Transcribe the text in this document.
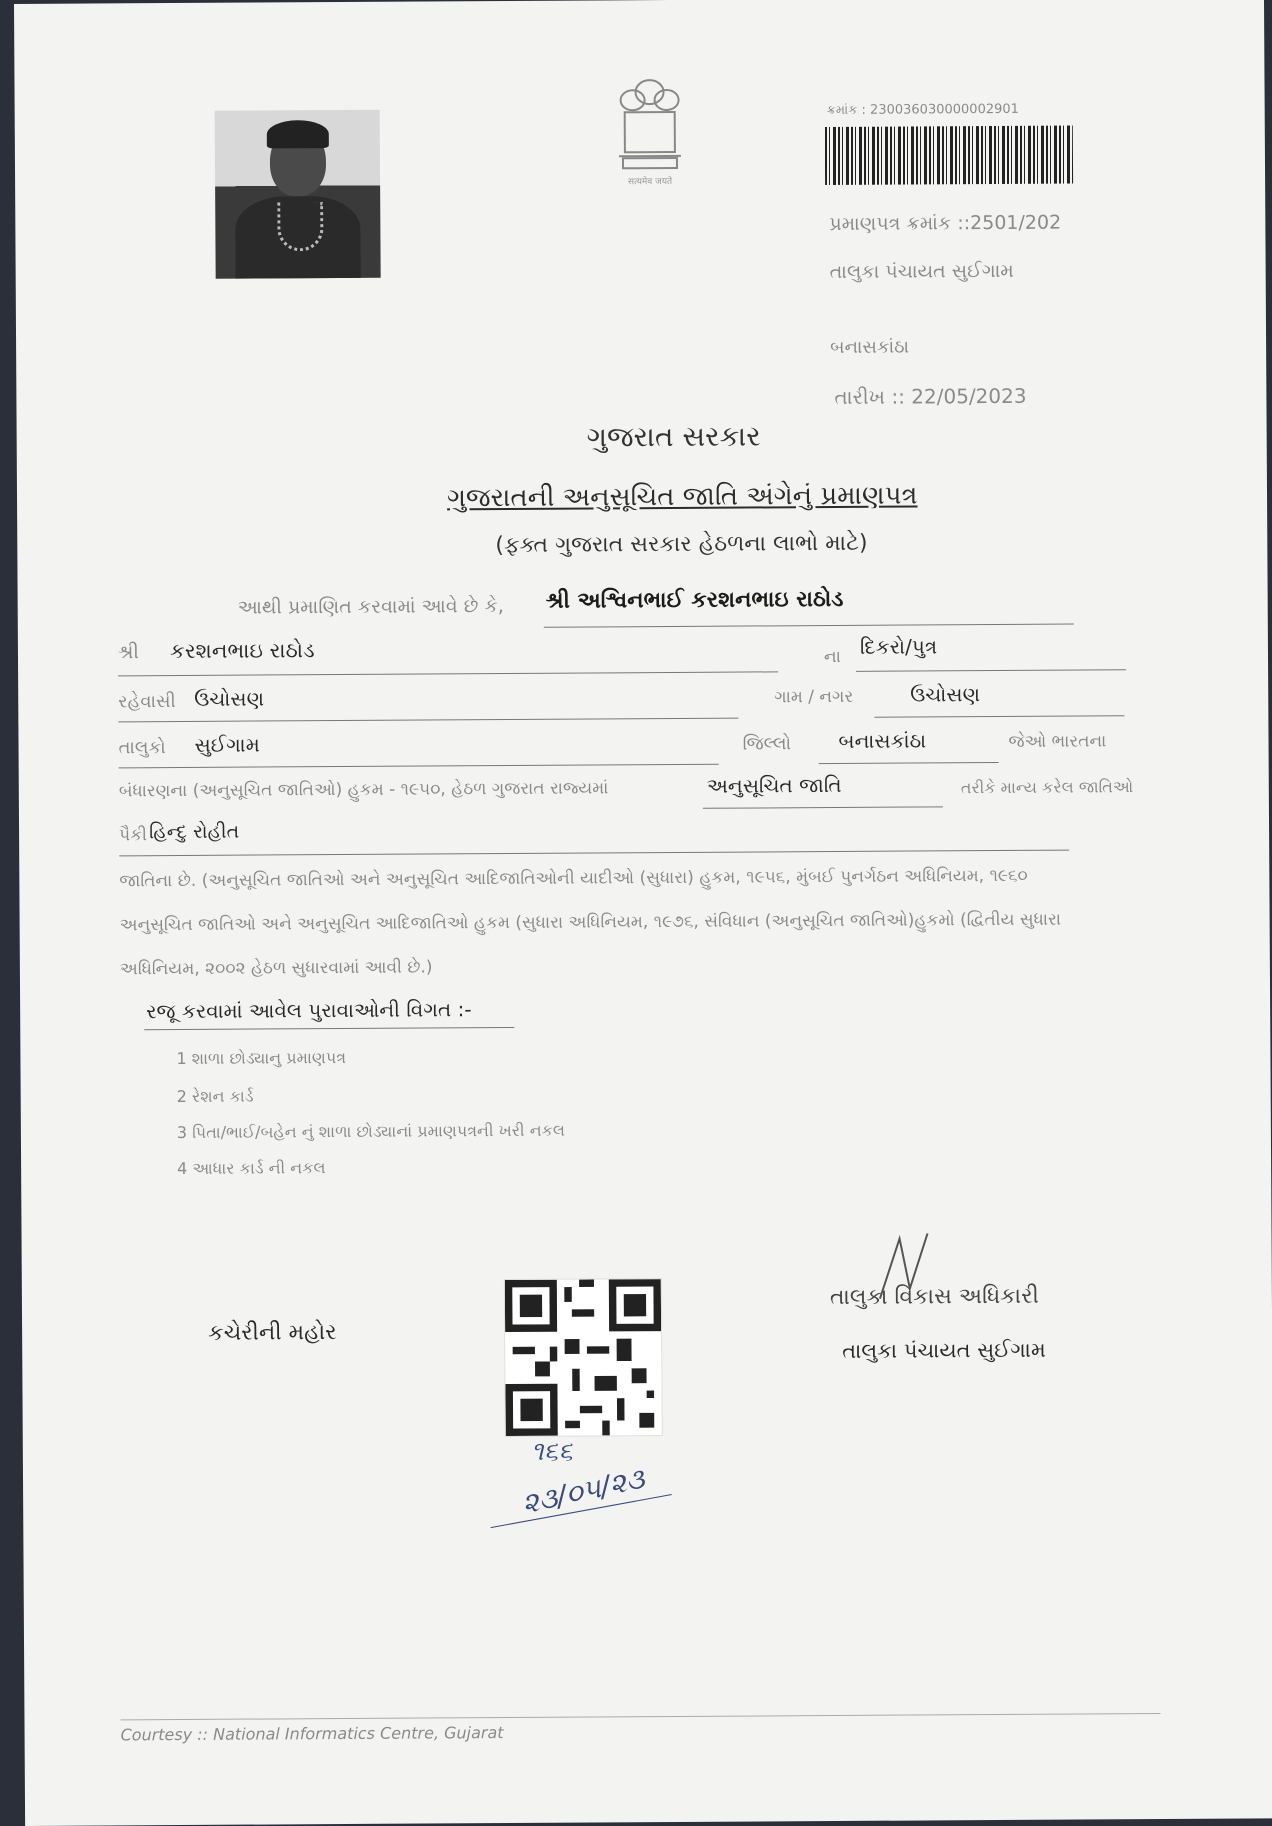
सत्यमेव जयते
ક્રમાંક : 230036030000002901
પ્રમાણપત્ર ક્રમાંક ::2501/202
તાલુકા પંચાયત સુઈગામ
બનાસકાંઠા
તારીખ :: 22/05/2023
ગુજરાત સરકાર
ગુજરાતની અનુસૂચિત જાતિ અંગેનું પ્રમાણપત્ર
(ફક્ત ગુજરાત સરકાર હેઠળના લાભો માટે)
આથી પ્રમાણિત કરવામાં આવે છે કે, શ્રી અશ્વિનભાઈ કરશનભાઇ રાઠોડ
શ્રી કરશનભાઇ રાઠોડ	ના દિકરો/પુત્ર
રહેવાસી ઉચોસણ	ગામ / નગર	ઉચોસણ
તાલુકો સુઈગામ	જિલ્લો બનાસકાંઠા	જેઓ ભારતના
બંધારણના (અનુસૂચિત જાતિઓ) હુકમ - ૧૯૫૦, હેઠળ ગુજરાત રાજ્યમાં	અનુસૂચિત જાતિ	તરીકે માન્ય કરેલ જાતિઓ
પૈકી હિન્દુ રોહીત
જાતિના છે. (અનુસૂચિત જાતિઓ અને અનુસૂચિત આદિજાતિઓની યાદીઓ (સુધારા) હુકમ, ૧૯૫૬, મુંબઈ પુનર્ગઠન અધિનિયમ, ૧૯૬૦
અનુસૂચિત જાતિઓ અને અનુસૂચિત આદિજાતિઓ હુકમ (સુધારા અધિનિયમ, ૧૯૭૬, સંવિધાન (અનુસૂચિત જાતિઓ)હુકમો (દ્વિતીય સુધારા
અધિનિયમ, ૨૦૦૨ હેઠળ સુધારવામાં આવી છે.)
રજૂ કરવામાં આવેલ પુરાવાઓની વિગત :-
1 શાળા છોડ્યાનુ પ્રમાણપત્ર
2 રેશન કાર્ડ
3 પિતા/ભાઈ/બહેન નું શાળા છોડ્યાનાં પ્રમાણપત્રની ખરી નકલ
4 આધાર કાર્ડ ની નકલ
કચેરીની મહોર
૧૬૬
૨૩/૦૫/૨૩
તાલુકા વિકાસ અધિકારી
તાલુકા પંચાયત સુઈગામ
Courtesy :: National Informatics Centre, Gujarat
